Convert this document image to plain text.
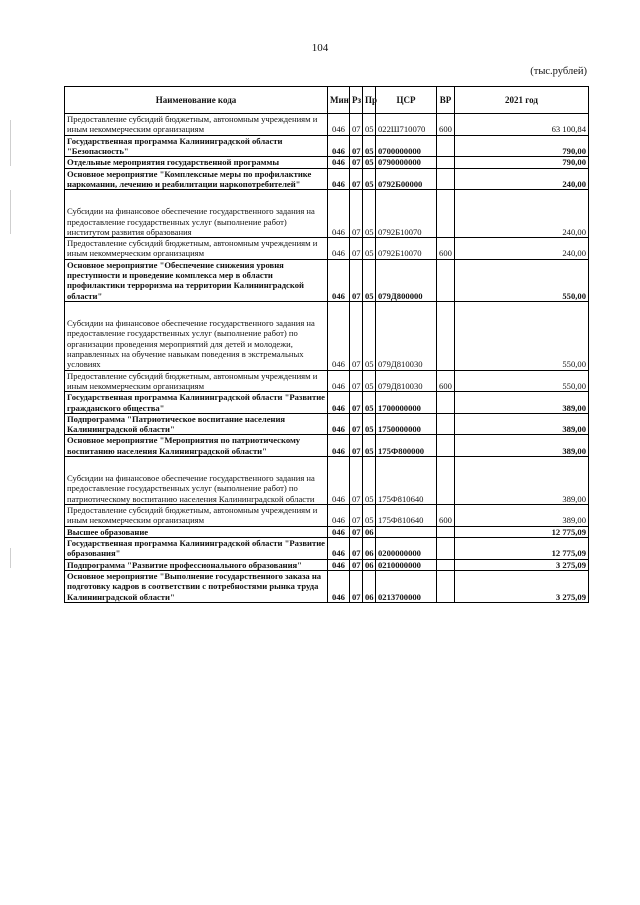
104
(тыс.рублей)
Наименование кода	Мин	Рз	Пр	ЦСР	ВР	2021 год
Предоставление субсидий бюджетным, автономным учреждениям и иным некоммерческим организациям	046	07	05	022Ш710070	600	63 100,84
Государственная программа Калининградской области "Безопасность"	046	07	05	0700000000		790,00
Отдельные мероприятия государственной программы	046	07	05	0790000000		790,00
Основное мероприятие "Комплексные меры по профилактике наркомании, лечению и реабилитации наркопотребителей"	046	07	05	0792Б00000		240,00
Субсидии на финансовое обеспечение государственного задания на предоставление государственных услуг (выполнение работ) институтом развития образования	046	07	05	0792Б10070		240,00
Предоставление субсидий бюджетным, автономным учреждениям и иным некоммерческим организациям	046	07	05	0792Б10070	600	240,00
Основное мероприятие "Обеспечение снижения уровня преступности и проведение комплекса мер в области профилактики терроризма на территории Калининградской области"	046	07	05	079Д800000		550,00
Субсидии на финансовое обеспечение государственного задания на предоставление государственных услуг (выполнение работ) по организации проведения мероприятий для детей и молодежи, направленных на обучение навыкам поведения в экстремальных условиях	046	07	05	079Д810030		550,00
Предоставление субсидий бюджетным, автономным учреждениям и иным некоммерческим организациям	046	07	05	079Д810030	600	550,00
Государственная программа Калининградской области "Развитие гражданского общества"	046	07	05	1700000000		389,00
Подпрограмма "Патриотическое воспитание населения Калининградской области"	046	07	05	1750000000		389,00
Основное мероприятие "Мероприятия по патриотическому воспитанию населения Калининградской области"	046	07	05	175Ф800000		389,00
Субсидии на финансовое обеспечение государственного задания на предоставление государственных услуг (выполнение работ) по патриотическому воспитанию населения Калининградской области	046	07	05	175Ф810640		389,00
Предоставление субсидий бюджетным, автономным учреждениям и иным некоммерческим организациям	046	07	05	175Ф810640	600	389,00
Высшее образование	046	07	06			12 775,09
Государственная программа Калининградской области "Развитие образования"	046	07	06	0200000000		12 775,09
Подпрограмма "Развитие профессионального образования"	046	07	06	0210000000		3 275,09
Основное мероприятие "Выполнение государственного заказа на подготовку кадров в соответствии с потребностями рынка труда Калининградской области"	046	07	06	0213700000		3 275,09
